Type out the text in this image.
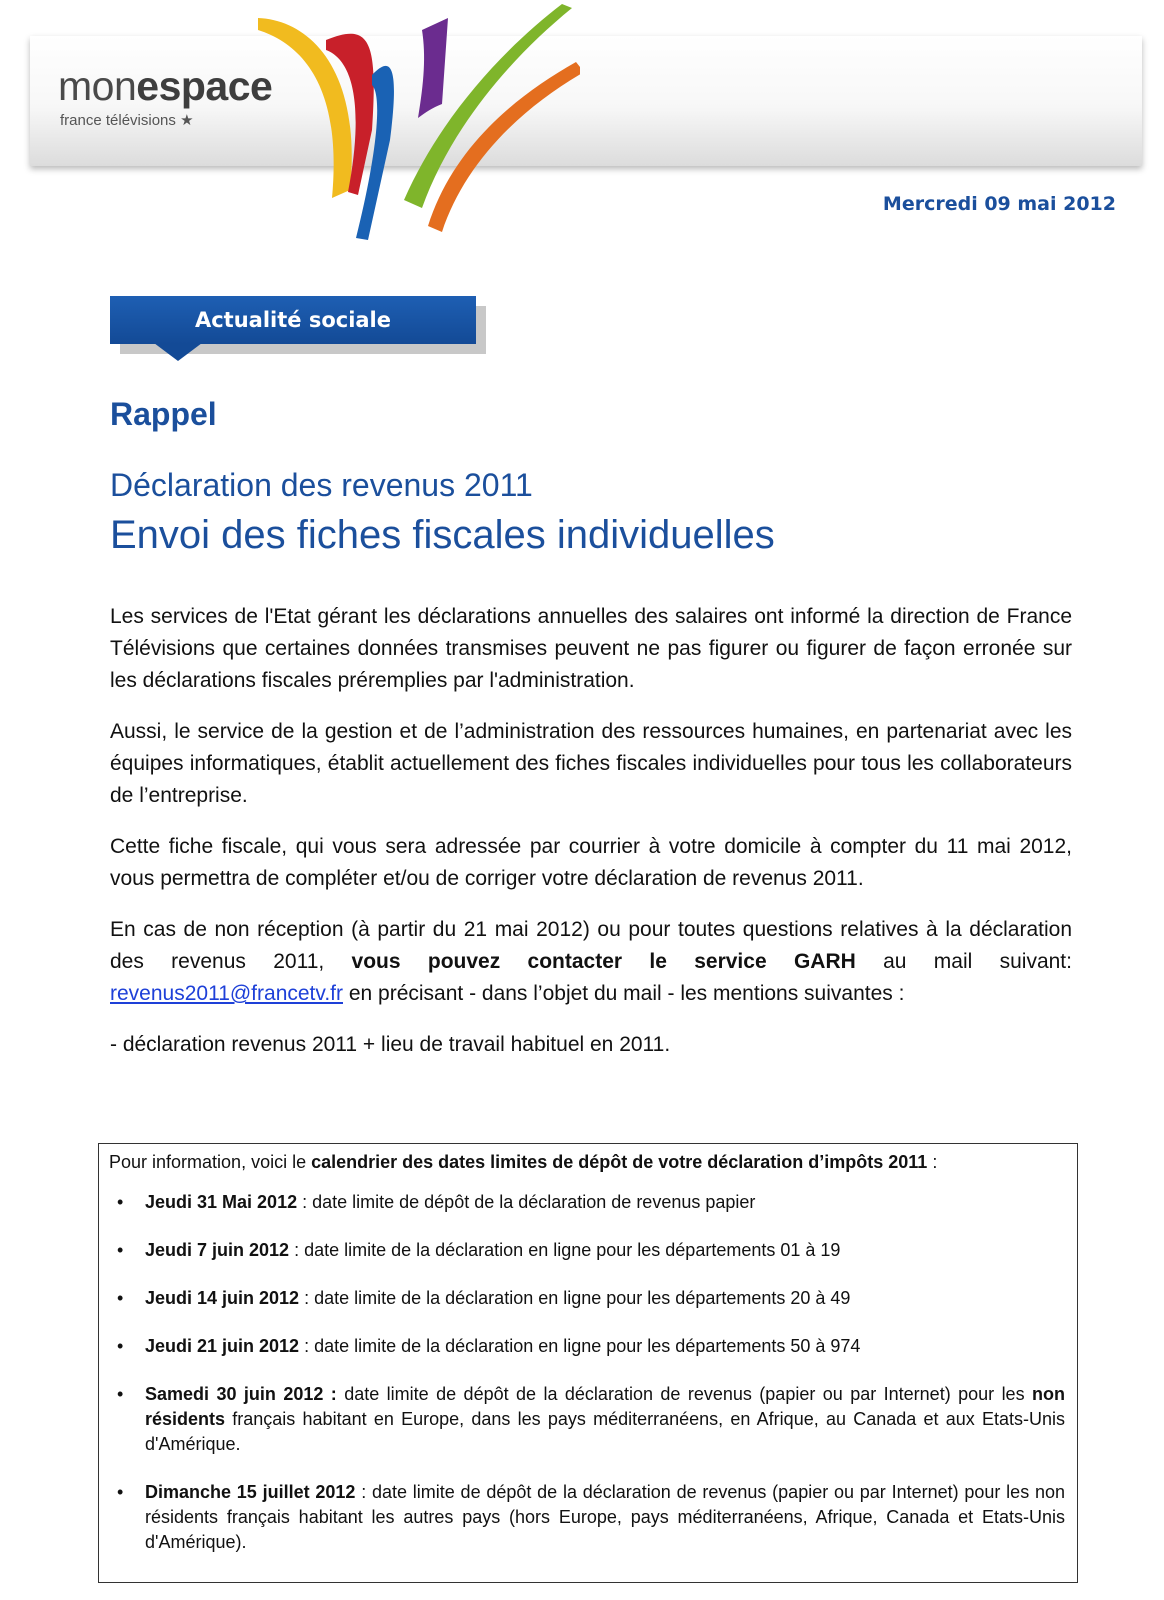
monespace
france télévisions ★
Mercredi 09 mai 2012
Actualité sociale
Rappel
Déclaration des revenus 2011
Envoi des fiches fiscales individuelles

Les services de l'Etat gérant les déclarations annuelles des salaires ont informé la direction de France Télévisions que certaines données transmises peuvent ne pas figurer ou figurer de façon erronée sur les déclarations fiscales préremplies par l'administration.

Aussi, le service de la gestion et de l’administration des ressources humaines, en partenariat avec les équipes informatiques, établit actuellement des fiches fiscales individuelles pour tous les collaborateurs de l’entreprise.

Cette fiche fiscale, qui vous sera adressée par courrier à votre domicile à compter du 11 mai 2012, vous permettra de compléter et/ou de corriger votre déclaration de revenus 2011.

En cas de non réception (à partir du 21 mai 2012) ou pour toutes questions relatives à la déclaration des revenus 2011, vous pouvez contacter le service GARH au mail suivant: revenus2011@francetv.fr en précisant - dans l’objet du mail - les mentions suivantes :

- déclaration revenus 2011 + lieu de travail habituel en 2011.

Pour information, voici le calendrier des dates limites de dépôt de votre déclaration d’impôts 2011 :

• Jeudi 31 Mai 2012 : date limite de dépôt de la déclaration de revenus papier
• Jeudi 7 juin 2012 : date limite de la déclaration en ligne pour les départements 01 à 19
• Jeudi 14 juin 2012 : date limite de la déclaration en ligne pour les départements 20 à 49
• Jeudi 21 juin 2012 : date limite de la déclaration en ligne pour les départements 50 à 974
• Samedi 30 juin 2012 : date limite de dépôt de la déclaration de revenus (papier ou par Internet) pour les non résidents français habitant en Europe, dans les pays méditerranéens, en Afrique, au Canada et aux Etats-Unis d'Amérique.
• Dimanche 15 juillet 2012 : date limite de dépôt de la déclaration de revenus (papier ou par Internet) pour les non résidents français habitant les autres pays (hors Europe, pays méditerranéens, Afrique, Canada et Etats-Unis d'Amérique).
